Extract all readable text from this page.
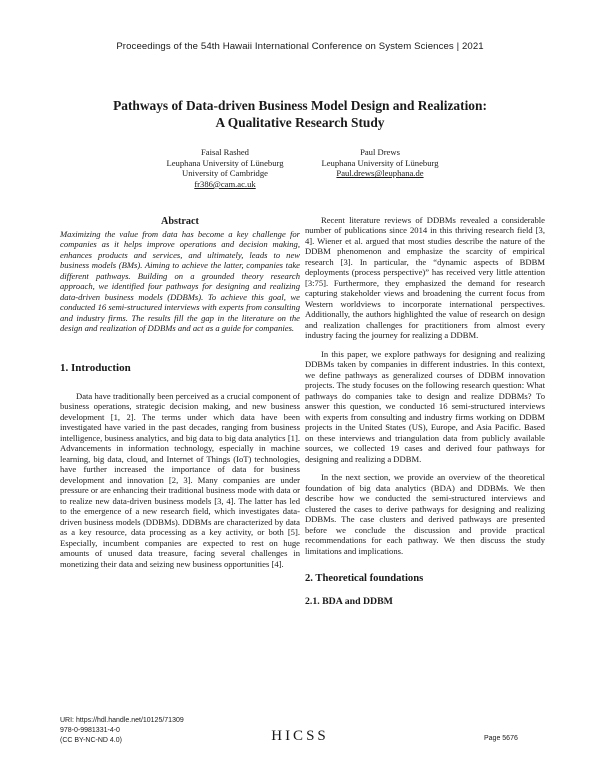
Proceedings of the 54th Hawaii International Conference on System Sciences | 2021
Pathways of Data-driven Business Model Design and Realization:
A Qualitative Research Study
Faisal Rashed
Leuphana University of Lüneburg
University of Cambridge
fr386@cam.ac.uk
Paul Drews
Leuphana University of Lüneburg
Paul.drews@leuphana.de
Abstract

Maximizing the value from data has become a key challenge for companies as it helps improve operations and decision making, enhances products and services, and ultimately, leads to new business models (BMs). Aiming to achieve the latter, companies take different pathways. Building on a grounded theory research approach, we identified four pathways for designing and realizing data-driven business models (DDBMs). To achieve this goal, we conducted 16 semi-structured interviews with experts from consulting and industry firms. The results fill the gap in the literature on the design and realization of DDBMs and act as a guide for companies.

1. Introduction

Data have traditionally been perceived as a crucial component of business operations, strategic decision making, and new business development [1, 2]. The terms under which data have been investigated have varied in the past decades, ranging from business intelligence, business analytics, and big data to big data analytics [1]. Advancements in information technology, especially in machine learning, big data, cloud, and Internet of Things (IoT) technologies, have further increased the importance of data for business development and innovation [2, 3]. Many companies are under pressure or are enhancing their traditional business mode with data or to realize new data-driven business models [3, 4]. The latter has led to the emergence of a new research field, which investigates data-driven business models (DDBMs). DDBMs are characterized by data as a key resource, data processing as a key activity, or both [5]. Especially, incumbent companies are expected to rest on huge amounts of unused data treasure, facing several challenges in monetizing their data and seizing new business opportunities [4].

Recent literature reviews of DDBMs revealed a considerable number of publications since 2014 in this thriving research field [3, 4]. Wiener et al. argued that most studies describe the nature of the DDBM phenomenon and emphasize the scarcity of empirical research [3]. In particular, the “dynamic aspects of BDBM deployments (process perspective)” has received very little attention [3:75]. Furthermore, they emphasized the demand for research capturing stakeholder views and broadening the current focus from Western worldviews to incorporate international perspectives. Additionally, the authors highlighted the value of research on design and realization challenges for practitioners from almost every industry facing the journey for realizing a DDBM.

In this paper, we explore pathways for designing and realizing DDBMs taken by companies in different industries. In this context, we define pathways as generalized courses of DDBM innovation projects. The study focuses on the following research question: What pathways do companies take to design and realize DDBMs? To answer this question, we conducted 16 semi-structured interviews with experts from consulting and industry firms working on DDBM projects in the United States (US), Europe, and Asia Pacific. Based on these interviews and triangulation data from publicly available sources, we collected 19 cases and derived four pathways for designing and realizing a DDBM.

In the next section, we provide an overview of the theoretical foundation of big data analytics (BDA) and DDBMs. We then describe how we conducted the semi-structured interviews and clustered the cases to derive pathways for designing and realizing DDBMs. The case clusters and derived pathways are presented before we conclude the discussion and provide practical recommendations for each pathway. We then discuss the study limitations and implications.

2. Theoretical foundations
2.1. BDA and DDBM
URI: https://hdl.handle.net/10125/71309
978-0-9981331-4-0
(CC BY-NC-ND 4.0)	HICSS	Page 5676
